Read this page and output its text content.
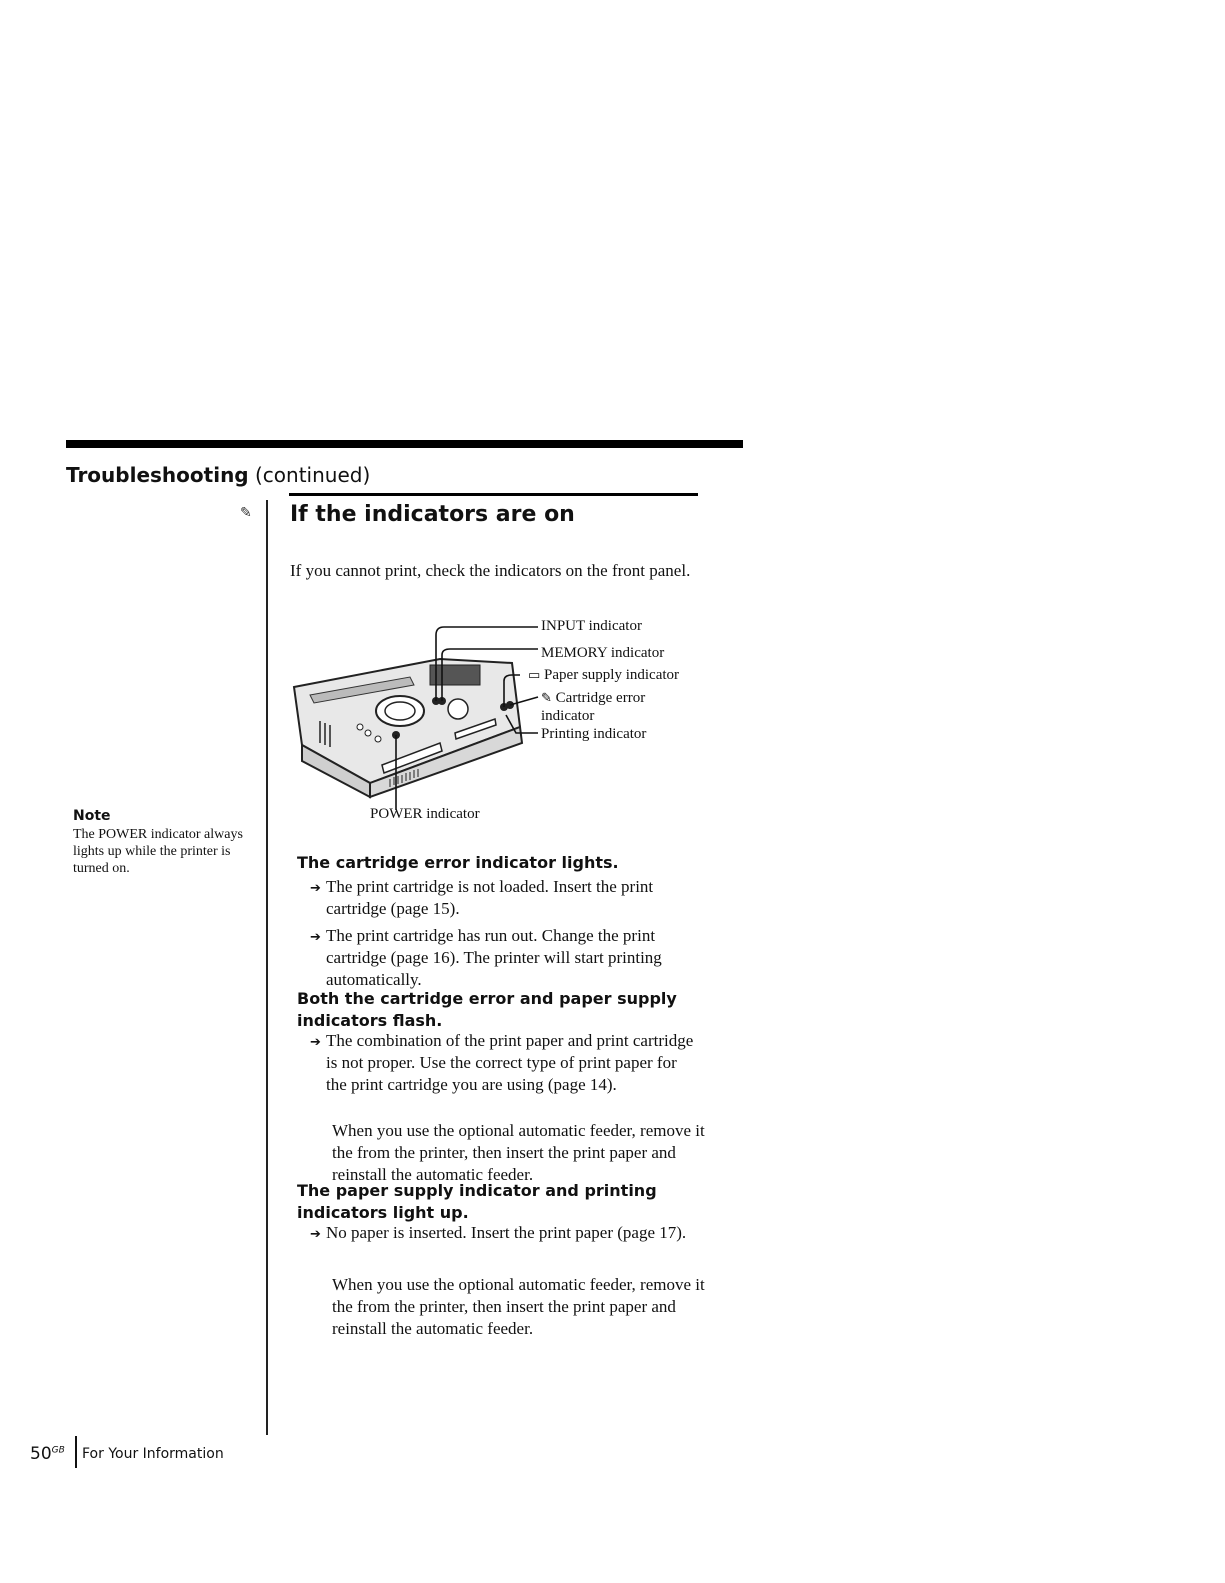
Troubleshooting (continued)
✎ If the indicators are on
If you cannot print, check the indicators on the front panel.
INPUT indicator
MEMORY indicator
▭ Paper supply indicator
✎ Cartridge error
indicator
Printing indicator
POWER indicator
Note
The POWER indicator always lights up while the printer is turned on.	The cartridge error indicator lights.
➔ The print cartridge is not loaded. Insert the print cartridge (page 15).
➔ The print cartridge has run out. Change the print cartridge (page 16). The printer will start printing automatically.
Both the cartridge error and paper supply indicators flash.
➔ The combination of the print paper and print cartridge is not proper. Use the correct type of print paper for the print cartridge you are using (page 14).
When you use the optional automatic feeder, remove it the from the printer, then insert the print paper and reinstall the automatic feeder.
The paper supply indicator and printing indicators light up.
➔ No paper is inserted. Insert the print paper (page 17).
When you use the optional automatic feeder, remove it the from the printer, then insert the print paper and reinstall the automatic feeder.
$50^{GB}$ For Your Information
